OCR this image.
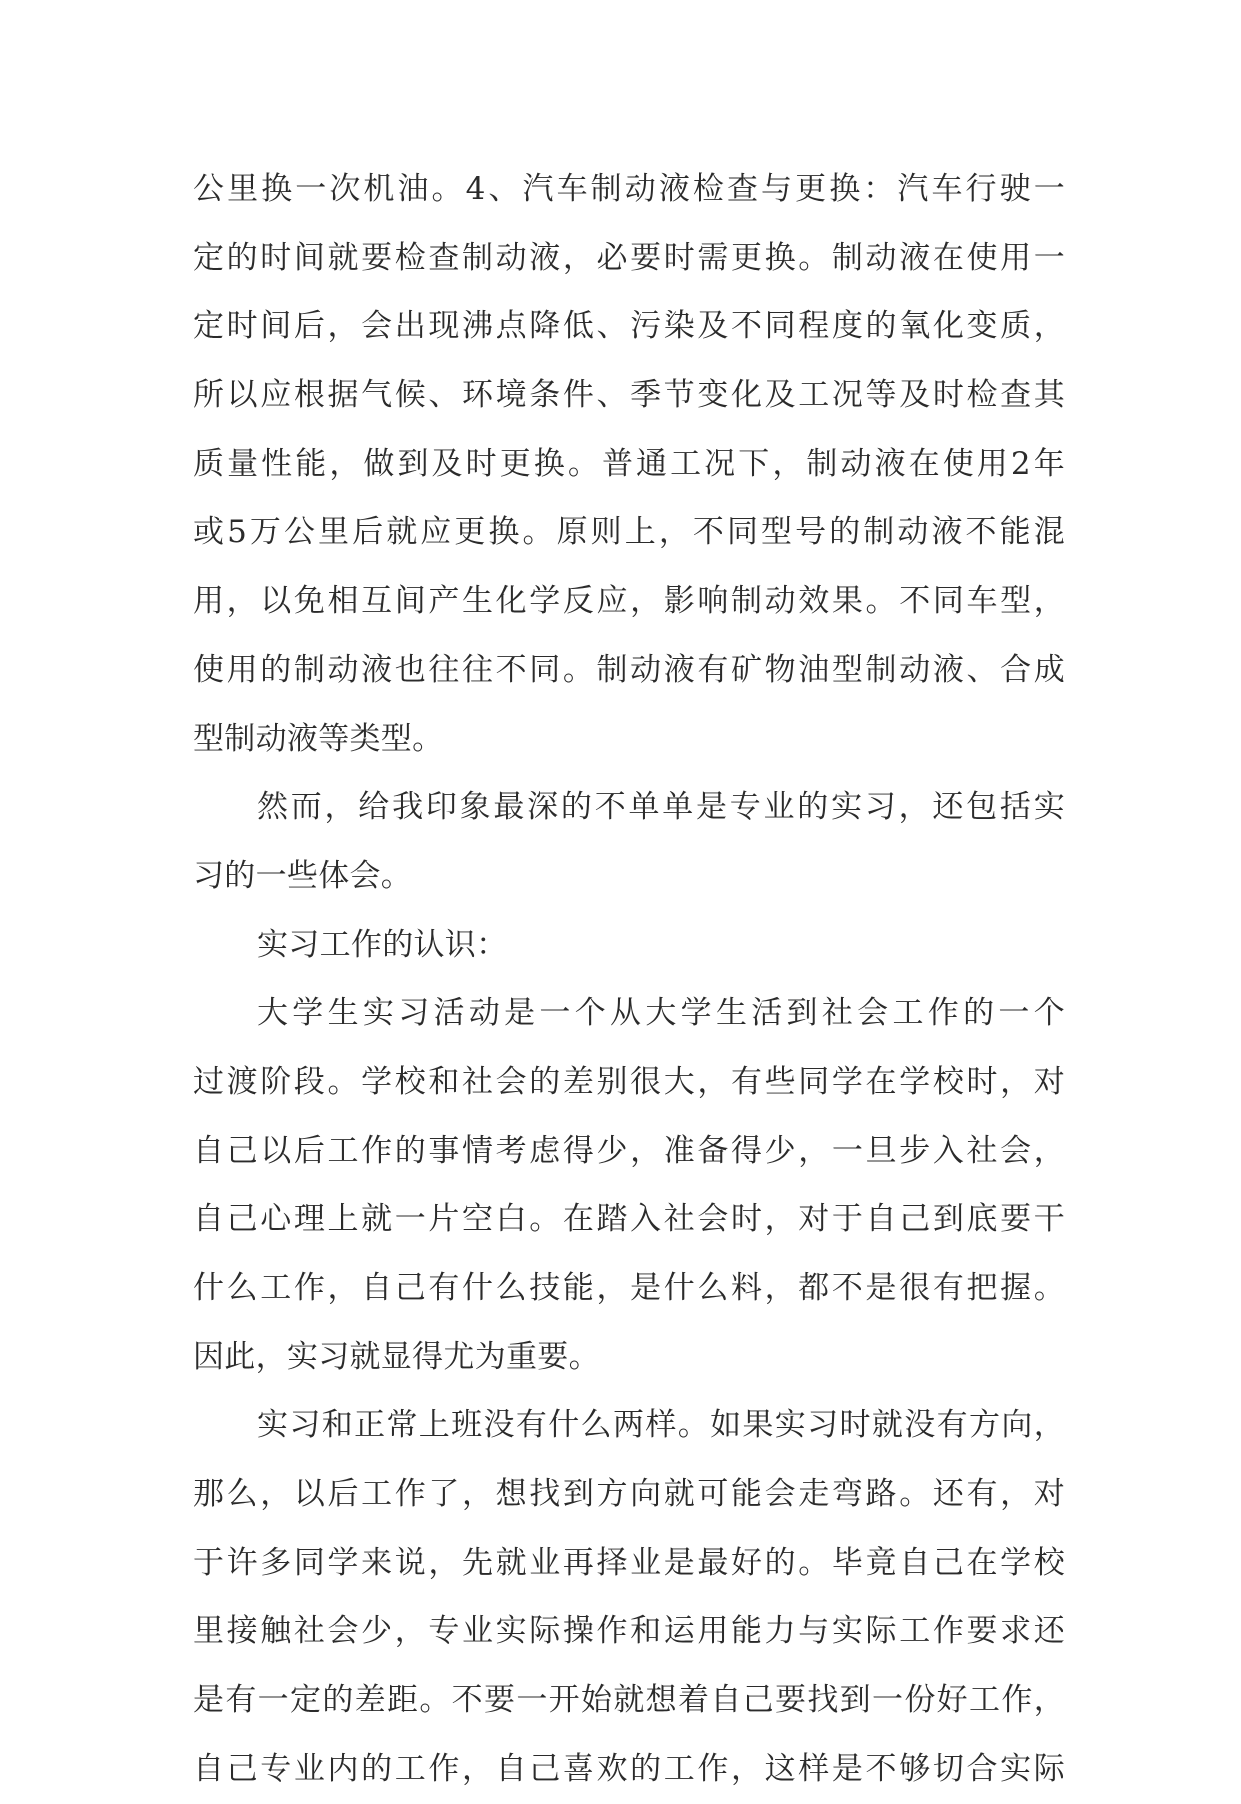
公里换一次机油。4、汽车制动液检查与更换：汽车行驶一
定的时间就要检查制动液，必要时需更换。制动液在使用一
定时间后，会出现沸点降低、污染及不同程度的氧化变质，
所以应根据气候、环境条件、季节变化及工况等及时检查其
质量性能，做到及时更换。普通工况下，制动液在使用2年
或5万公里后就应更换。原则上，不同型号的制动液不能混
用，以免相互间产生化学反应，影响制动效果。不同车型，
使用的制动液也往往不同。制动液有矿物油型制动液、合成
型制动液等类型。
然而，给我印象最深的不单单是专业的实习，还包括实
习的一些体会。
实习工作的认识：
大学生实习活动是一个从大学生活到社会工作的一个
过渡阶段。学校和社会的差别很大，有些同学在学校时，对
自己以后工作的事情考虑得少，准备得少，一旦步入社会，
自己心理上就一片空白。在踏入社会时，对于自己到底要干
什么工作，自己有什么技能，是什么料，都不是很有把握。
因此，实习就显得尤为重要。
实习和正常上班没有什么两样。如果实习时就没有方向，
那么，以后工作了，想找到方向就可能会走弯路。还有，对
于许多同学来说，先就业再择业是最好的。毕竟自己在学校
里接触社会少，专业实际操作和运用能力与实际工作要求还
是有一定的差距。不要一开始就想着自己要找到一份好工作，
自己专业内的工作，自己喜欢的工作，这样是不够切合实际
